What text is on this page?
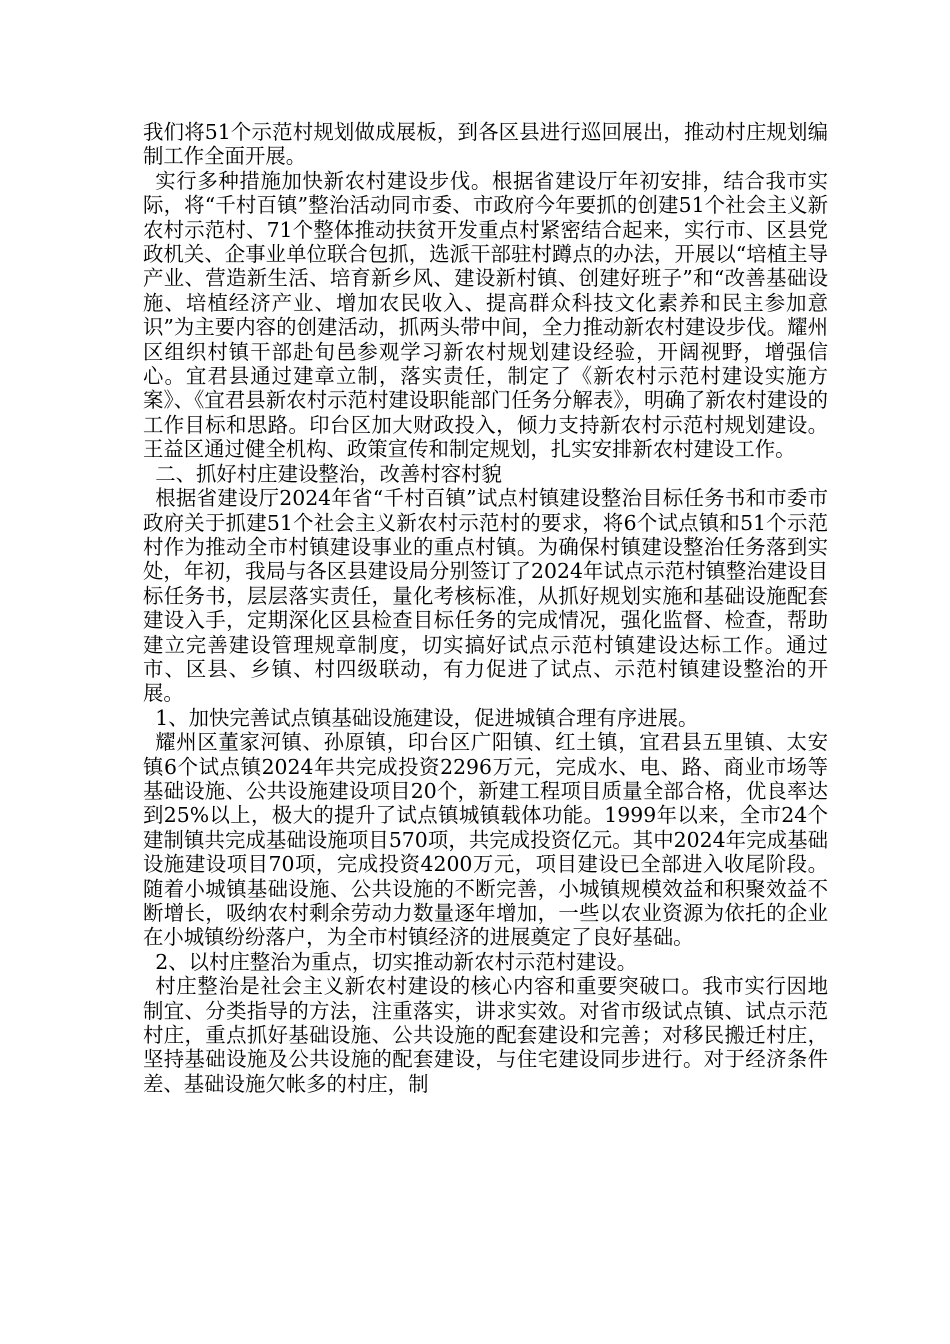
我们将51个示范村规划做成展板，到各区县进行巡回展出，推动村庄规划编制工作全面开展。

实行多种措施加快新农村建设步伐。根据省建设厅年初安排，结合我市实际，将“千村百镇”整治活动同市委、市政府今年要抓的创建51个社会主义新农村示范村、71个整体推动扶贫开发重点村紧密结合起来，实行市、区县党政机关、企事业单位联合包抓，选派干部驻村蹲点的办法，开展以“培植主导产业、营造新生活、培育新乡风、建设新村镇、创建好班子”和“改善基础设施、培植经济产业、增加农民收入、提高群众科技文化素养和民主参加意识”为主要内容的创建活动，抓两头带中间，全力推动新农村建设步伐。耀州区组织村镇干部赴旬邑参观学习新农村规划建设经验，开阔视野，增强信心。宜君县通过建章立制，落实责任，制定了《新农村示范村建设实施方案》、《宜君县新农村示范村建设职能部门任务分解表》，明确了新农村建设的工作目标和思路。印台区加大财政投入，倾力支持新农村示范村规划建设。王益区通过健全机构、政策宣传和制定规划，扎实安排新农村建设工作。

二、抓好村庄建设整治，改善村容村貌

根据省建设厅2024年省“千村百镇”试点村镇建设整治目标任务书和市委市政府关于抓建51个社会主义新农村示范村的要求，将6个试点镇和51个示范村作为推动全市村镇建设事业的重点村镇。为确保村镇建设整治任务落到实处，年初，我局与各区县建设局分别签订了2024年试点示范村镇整治建设目标任务书，层层落实责任，量化考核标准，从抓好规划实施和基础设施配套建设入手，定期深化区县检查目标任务的完成情况，强化监督、检查，帮助建立完善建设管理规章制度，切实搞好试点示范村镇建设达标工作。通过市、区县、乡镇、村四级联动，有力促进了试点、示范村镇建设整治的开展。

1、加快完善试点镇基础设施建设，促进城镇合理有序进展。

耀州区董家河镇、孙原镇，印台区广阳镇、红土镇，宜君县五里镇、太安镇6个试点镇2024年共完成投资2296万元，完成水、电、路、商业市场等基础设施、公共设施建设项目20个，新建工程项目质量全部合格，优良率达到25%以上，极大的提升了试点镇城镇载体功能。1999年以来，全市24个建制镇共完成基础设施项目570项，共完成投资亿元。其中2024年完成基础设施建设项目70项，完成投资4200万元，项目建设已全部进入收尾阶段。随着小城镇基础设施、公共设施的不断完善，小城镇规模效益和积聚效益不断增长，吸纳农村剩余劳动力数量逐年增加，一些以农业资源为依托的企业在小城镇纷纷落户，为全市村镇经济的进展奠定了良好基础。

2、以村庄整治为重点，切实推动新农村示范村建设。

村庄整治是社会主义新农村建设的核心内容和重要突破口。我市实行因地制宜、分类指导的方法，注重落实，讲求实效。对省市级试点镇、试点示范村庄，重点抓好基础设施、公共设施的配套建设和完善；对移民搬迁村庄，坚持基础设施及公共设施的配套建设，与住宅建设同步进行。对于经济条件差、基础设施欠帐多的村庄，制
